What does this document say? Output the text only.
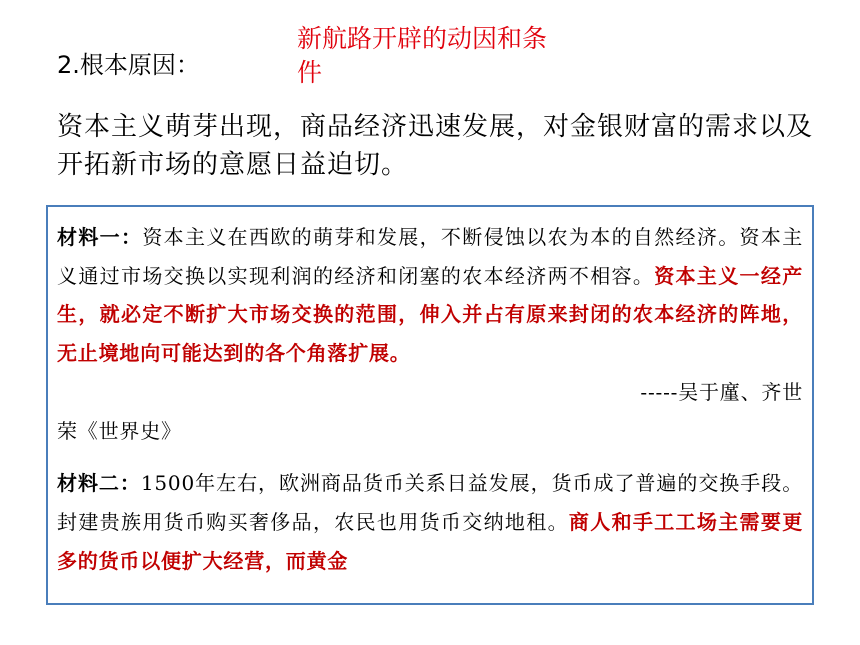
2.根本原因：
新航路开辟的动因和条件
资本主义萌芽出现，商品经济迅速发展，对金银财富的需求以及开拓新市场的意愿日益迫切。

材料一：资本主义在西欧的萌芽和发展，不断侵蚀以农为本的自然经济。资本主义通过市场交换以实现利润的经济和闭塞的农本经济两不相容。资本主义一经产生，就必定不断扩大市场交换的范围，伸入并占有原来封闭的农本经济的阵地，无止境地向可能达到的各个角落扩展。

-----吴于廑、齐世

荣《世界史》

材料二：1500年左右，欧洲商品货币关系日益发展，货币成了普遍的交换手段。封建贵族用货币购买奢侈品，农民也用货币交纳地租。商人和手工工场主需要更多的货币以便扩大经营，而黄金
